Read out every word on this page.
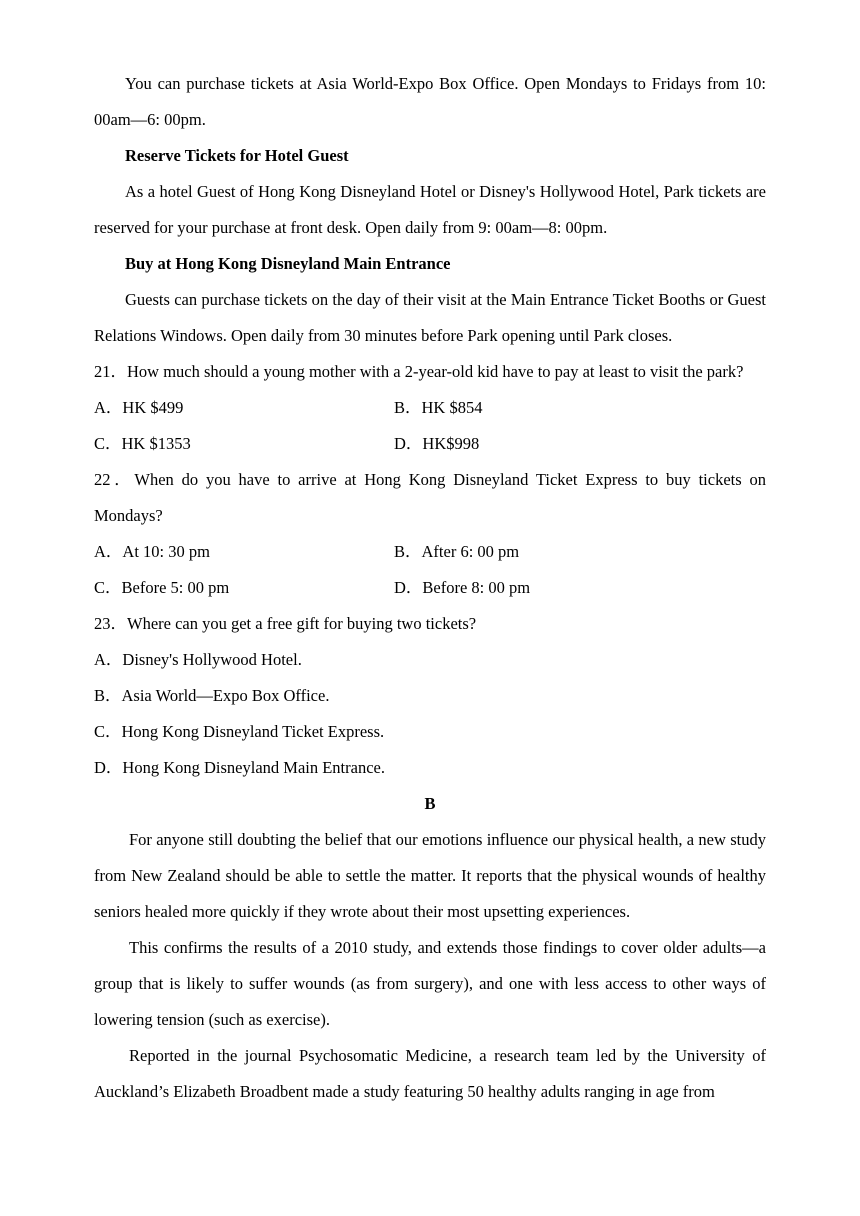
You can purchase tickets at Asia World-Expo Box Office. Open Mondays to Fridays from 10: 00am—6: 00pm.

Reserve Tickets for Hotel Guest

As a hotel Guest of Hong Kong Disneyland Hotel or Disney's Hollywood Hotel, Park tickets are reserved for your purchase at front desk. Open daily from 9: 00am—8: 00pm.

Buy at Hong Kong Disneyland Main Entrance

Guests can purchase tickets on the day of their visit at the Main Entrance Ticket Booths or Guest Relations Windows. Open daily from 30 minutes before Park opening until Park closes.

21．How much should a young mother with a 2-year-old kid have to pay at least to visit the park?

A．HK $499	B．HK $854
C．HK $1353	D．HK$998

22．When do you have to arrive at Hong Kong Disneyland Ticket Express to buy tickets on Mondays?

A．At 10: 30 pm	B．After 6: 00 pm
C．Before 5: 00 pm	D．Before 8: 00 pm
23．Where can you get a free gift for buying two tickets?
A．Disney's Hollywood Hotel.
B．Asia World—Expo Box Office.
C．Hong Kong Disneyland Ticket Express.
D．Hong Kong Disneyland Main Entrance.
B

For anyone still doubting the belief that our emotions influence our physical health, a new study from New Zealand should be able to settle the matter. It reports that the physical wounds of healthy seniors healed more quickly if they wrote about their most upsetting experiences.

This confirms the results of a 2010 study, and extends those findings to cover older adults—a group that is likely to suffer wounds (as from surgery), and one with less access to other ways of lowering tension (such as exercise).

Reported in the journal Psychosomatic Medicine, a research team led by the University of Auckland’s Elizabeth Broadbent made a study featuring 50 healthy adults ranging in age from
